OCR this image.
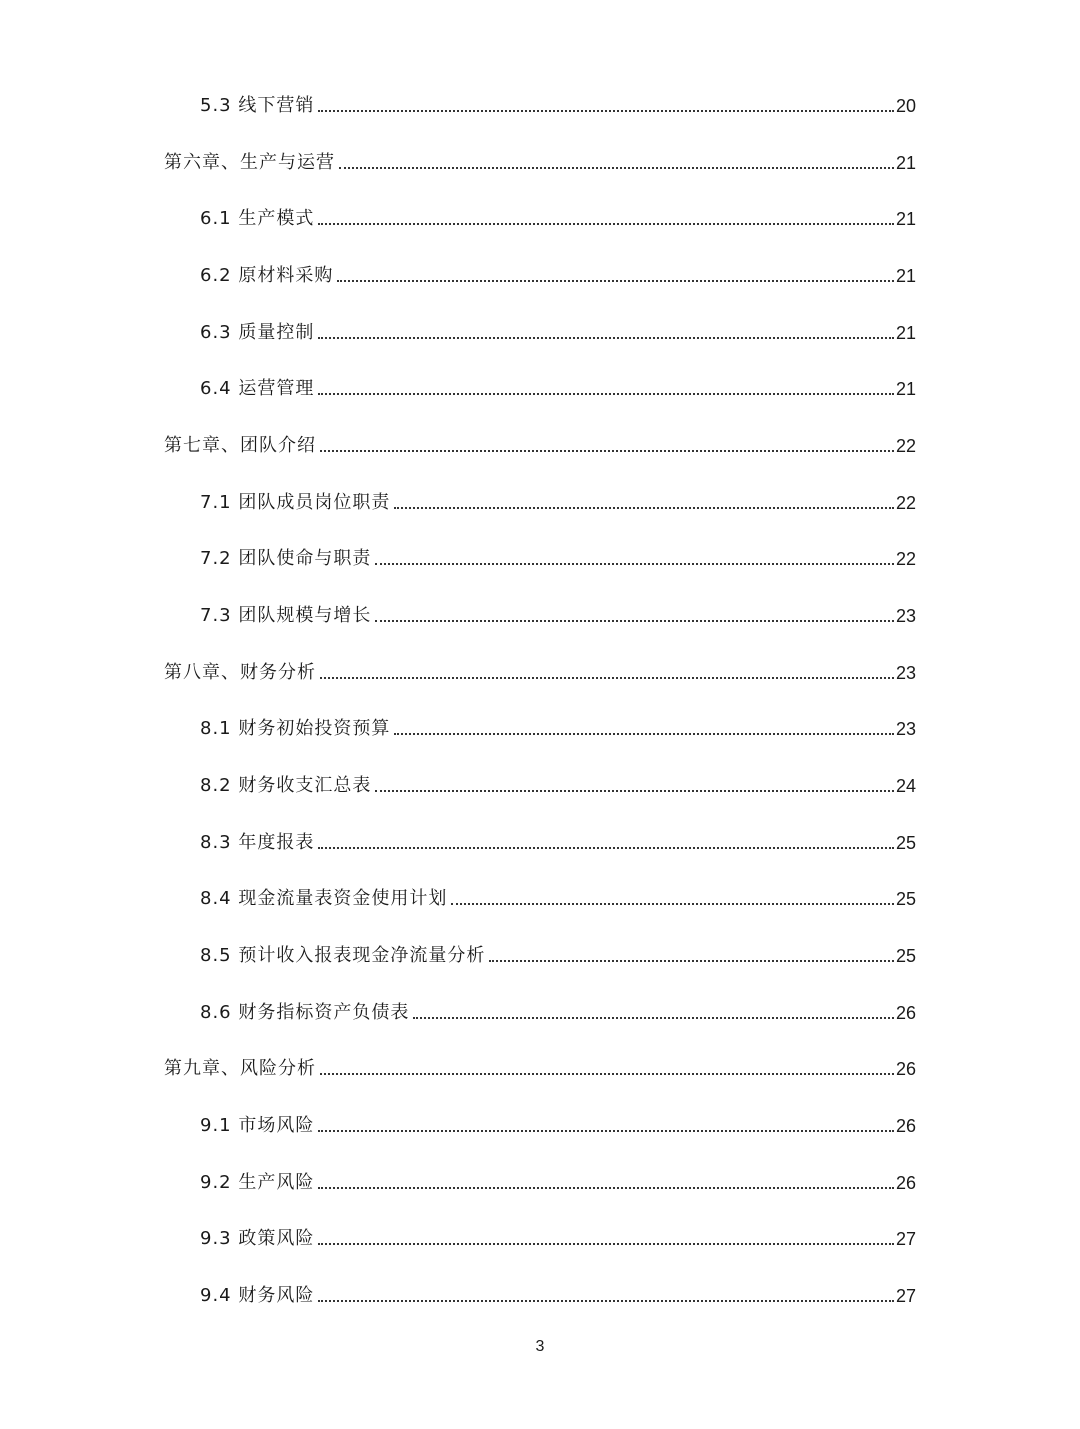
5.3 线下营销	20
第六章、生产与运营	21
6.1 生产模式	21
6.2 原材料采购	21
6.3 质量控制	21
6.4 运营管理	21
第七章、团队介绍	22
7.1 团队成员岗位职责	22
7.2 团队使命与职责	22
7.3 团队规模与增长	23
第八章、财务分析	23
8.1 财务初始投资预算	23
8.2 财务收支汇总表	24
8.3 年度报表	25
8.4 现金流量表资金使用计划	25
8.5 预计收入报表现金净流量分析	25
8.6 财务指标资产负债表	26
第九章、风险分析	26
9.1 市场风险	26
9.2 生产风险	26
9.3 政策风险	27
9.4 财务风险	27
3
